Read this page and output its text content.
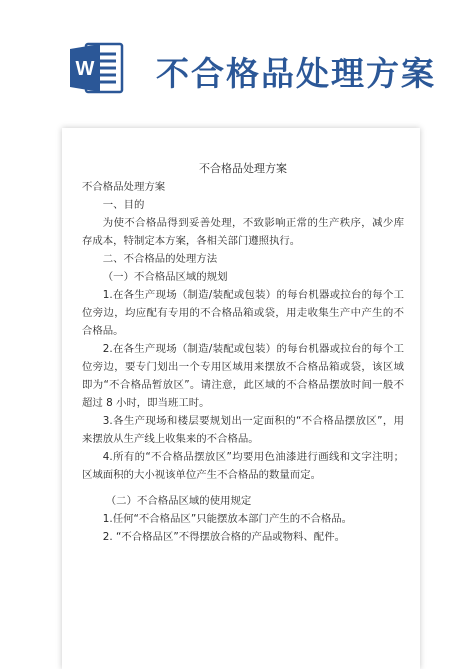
W 不合格品处理方案
不合格品处理方案

不合格品处理方案

一、目的

为使不合格品得到妥善处理，不致影响正常的生产秩序，减少库存成本，特制定本方案，各相关部门遵照执行。

二、不合格品的处理方法

（一）不合格品区域的规划

1.在各生产现场（制造/装配或包装）的每台机器或拉台的每个工位旁边，均应配有专用的不合格品箱或袋，用走收集生产中产生的不合格品。

2.在各生产现场（制造/装配或包装）的每台机器或拉台的每个工位旁边，要专门划出一个专用区域用来摆放不合格品箱或袋，该区域即为“不合格品暂放区”。请注意，此区域的不合格品摆放时间一般不超过 8 小时，即当班工时。

3.各生产现场和楼层要规划出一定面积的“不合格品摆放区”，用来摆放从生产线上收集来的不合格品。

4.所有的“不合格品摆放区”均要用色油漆进行画线和文字注明；区域面积的大小视该单位产生不合格品的数量而定。

（二）不合格品区域的使用规定

1.任何“不合格品区”只能摆放本部门产生的不合格品。

2. “不合格品区”不得摆放合格的产品或物料、配件。
